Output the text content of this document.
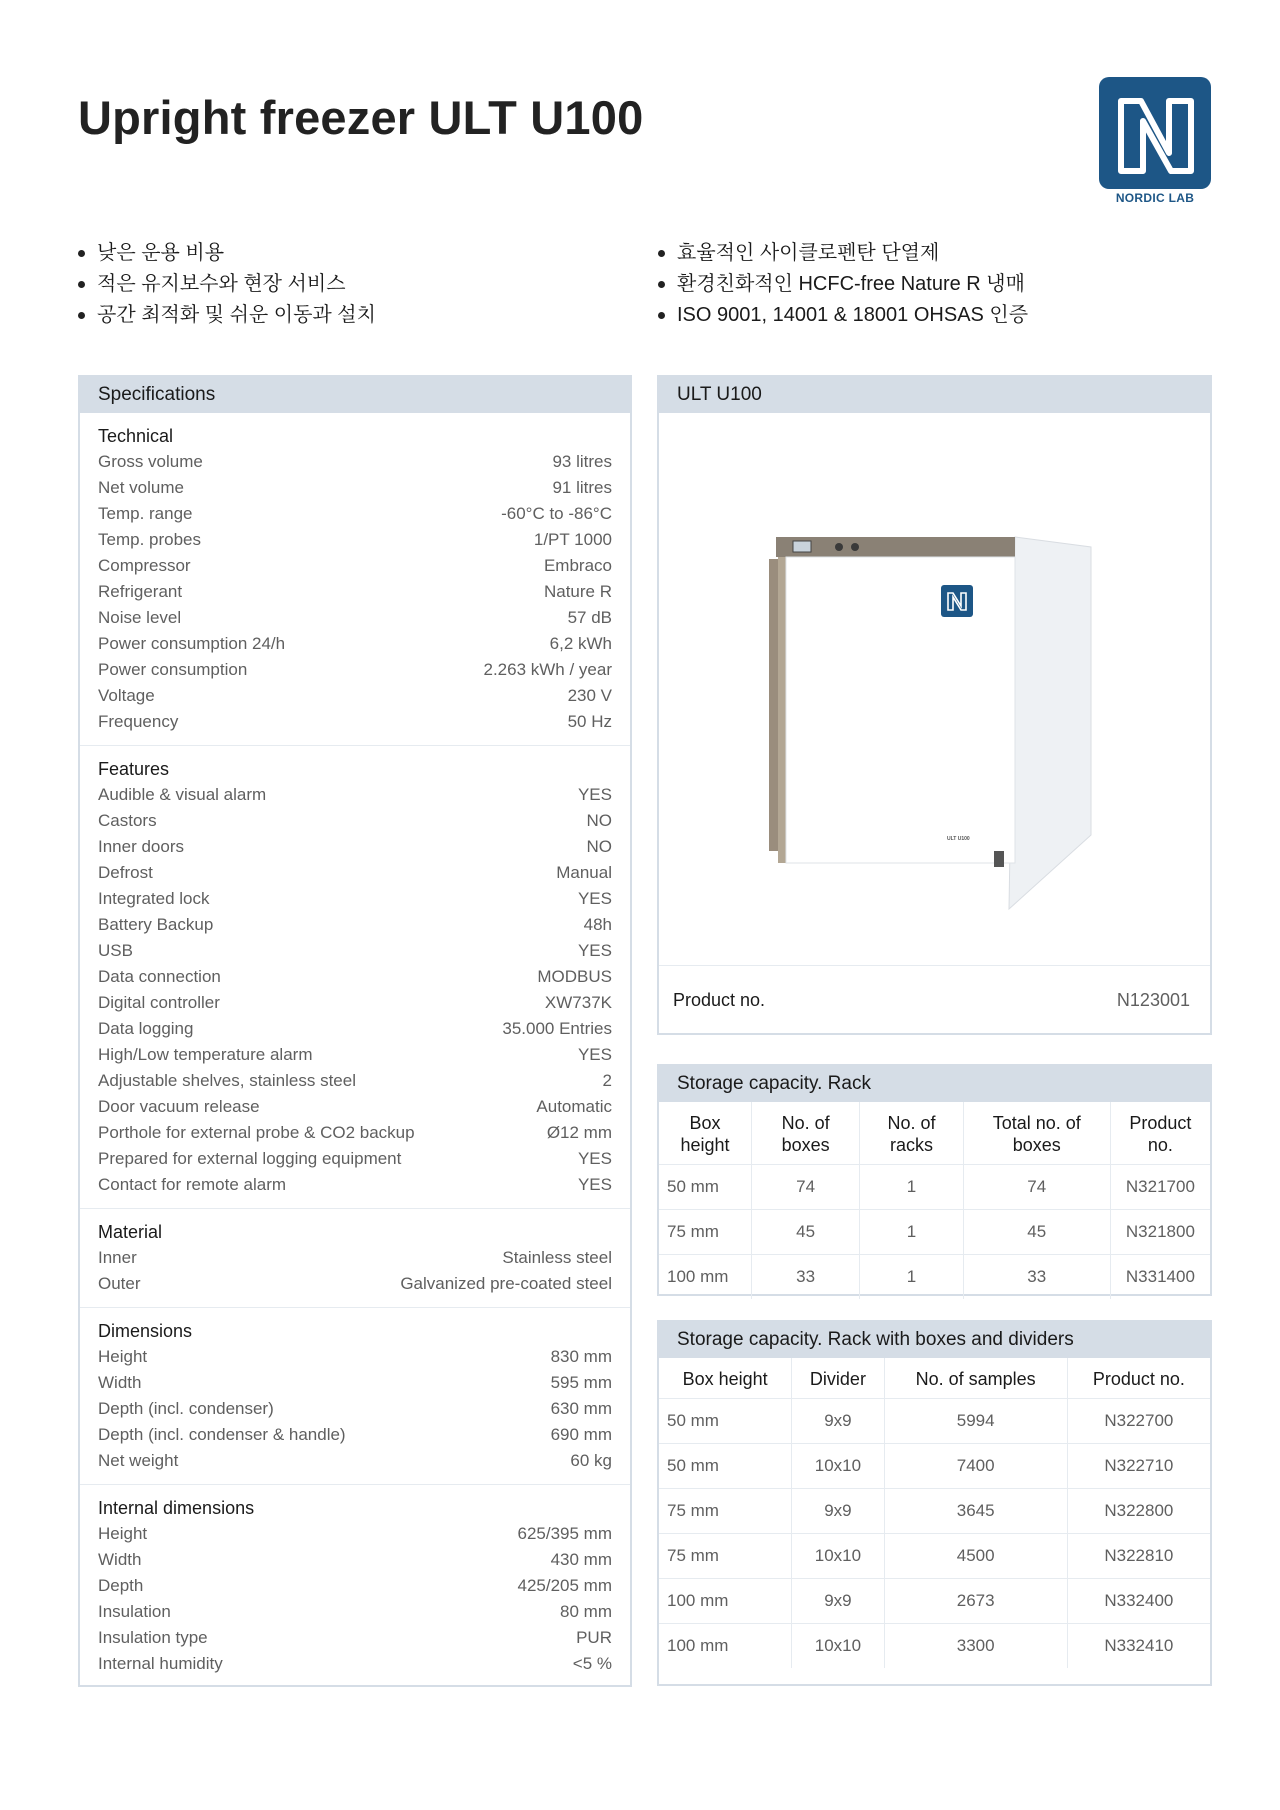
Upright freezer ULT U100
NORDIC LAB
낮은 운용 비용
적은 유지보수와 현장 서비스
공간 최적화 및 쉬운 이동과 설치
효율적인 사이클로펜탄 단열제
환경친화적인 HCFC-free Nature R 냉매
ISO 9001, 14001 & 18001 OHSAS 인증
Specifications
Technical
Gross volume	93 litres
Net volume	91 litres
Temp. range	-60°C to -86°C
Temp. probes	1/PT 1000
Compressor	Embraco
Refrigerant	Nature R
Noise level	57 dB
Power consumption 24/h	6,2 kWh
Power consumption	2.263 kWh / year
Voltage	230 V
Frequency	50 Hz
Features
Audible & visual alarm	YES
Castors	NO
Inner doors	NO
Defrost	Manual
Integrated lock	YES
Battery Backup	48h
USB	YES
Data connection	MODBUS
Digital controller	XW737K
Data logging	35.000 Entries
High/Low temperature alarm	YES
Adjustable shelves, stainless steel	2
Door vacuum release	Automatic
Porthole for external probe & CO2 backup	Ø12 mm
Prepared for external logging equipment	YES
Contact for remote alarm	YES
Material
Inner	Stainless steel
Outer	Galvanized pre-coated steel
Dimensions
Height	830 mm
Width	595 mm
Depth (incl. condenser)	630 mm
Depth (incl. condenser & handle)	690 mm
Net weight	60 kg
Internal dimensions
Height	625/395 mm
Width	430 mm
Depth	425/205 mm
Insulation	80 mm
Insulation type	PUR
Internal humidity	<5 %
ULT U100
ULT U100
Product no.	N123001
Storage capacity. Rack
Box height	No. of boxes	No. of racks	Total no. of boxes	Product no.
50 mm	74	1	74	N321700
75 mm	45	1	45	N321800
100 mm	33	1	33	N331400
Storage capacity. Rack with boxes and dividers
Box height	Divider	No. of samples	Product no.
50 mm	9x9	5994	N322700
50 mm	10x10	7400	N322710
75 mm	9x9	3645	N322800
75 mm	10x10	4500	N322810
100 mm	9x9	2673	N332400
100 mm	10x10	3300	N332410
